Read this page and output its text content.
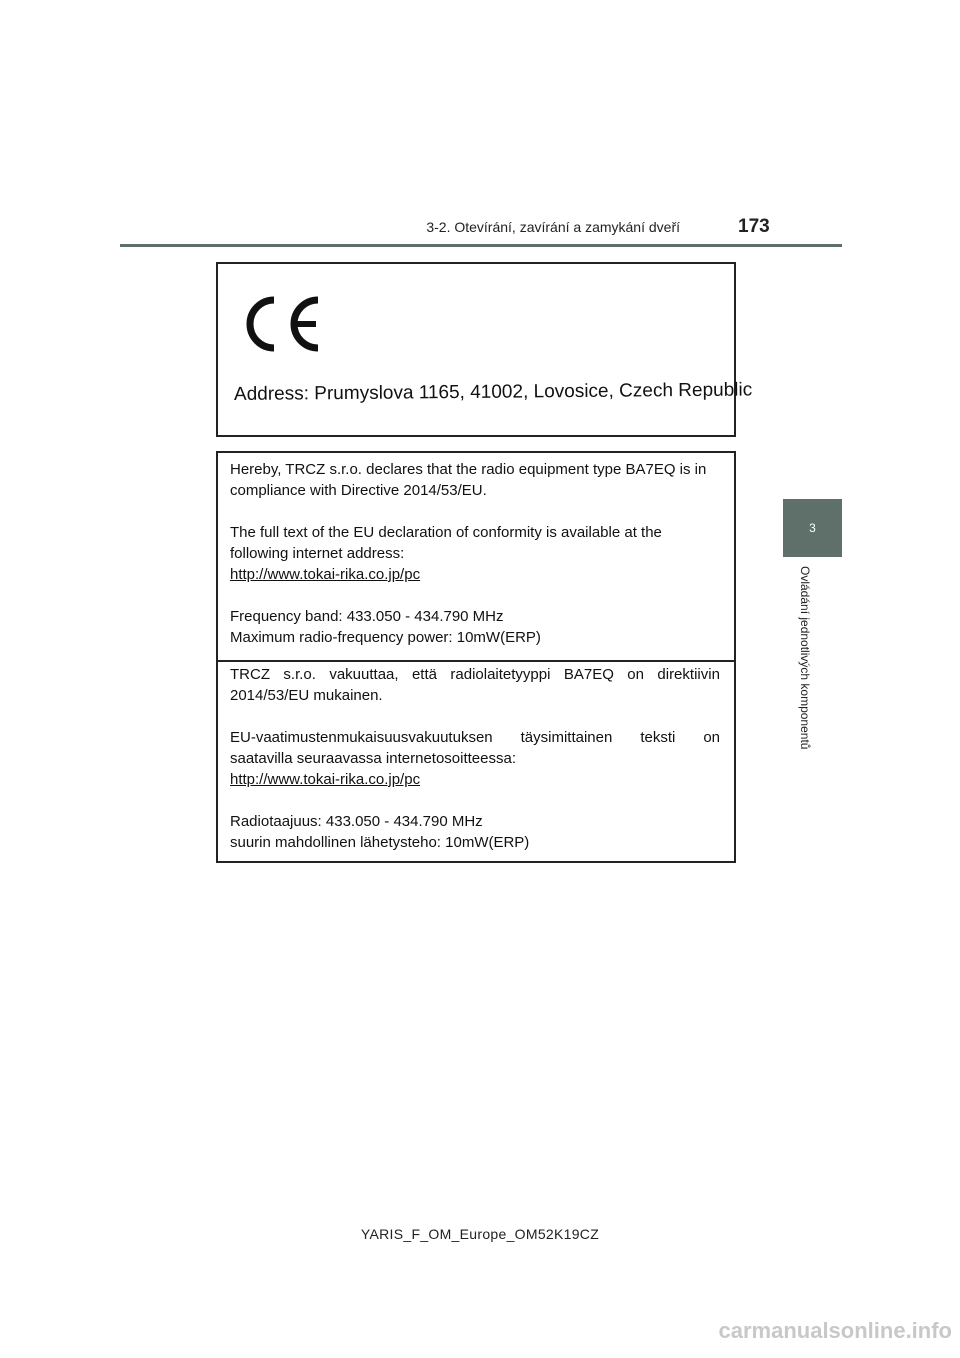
3-2. Otevírání, zavírání a zamykání dveří	173
3
Ovládání jednotlivých komponentů
Address: Prumyslova 1165, 41002, Lovosice, Czech Republic

Hereby, TRCZ s.r.o. declares that the radio equipment type BA7EQ is in

compliance with Directive 2014/53/EU.

The full text of the EU declaration of conformity is available at the

following internet address:

http://www.tokai-rika.co.jp/pc

Frequency band: 433.050 - 434.790 MHz

Maximum radio-frequency power: 10mW(ERP)

TRCZ s.r.o. vakuuttaa, että radiolaitetyyppi BA7EQ on direktiivin

2014/53/EU mukainen.

EU-vaatimustenmukaisuusvakuutuksen täysimittainen teksti on

saatavilla seuraavassa internetosoitteessa:

http://www.tokai-rika.co.jp/pc

Radiotaajuus: 433.050 - 434.790 MHz

suurin mahdollinen lähetysteho: 10mW(ERP)

YARIS_F_OM_Europe_OM52K19CZ
carmanualsonline.info
